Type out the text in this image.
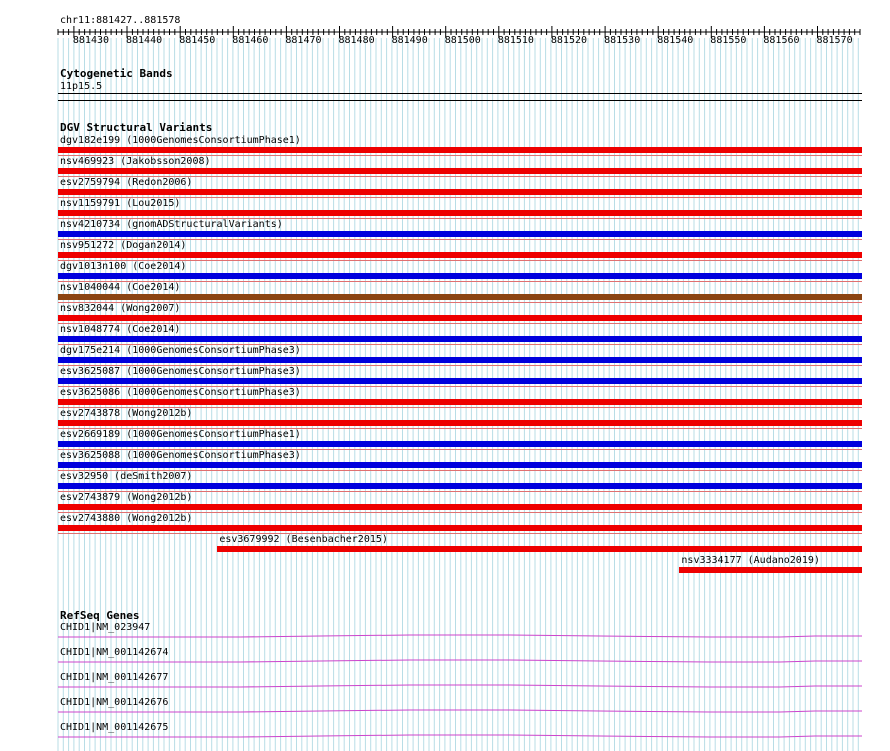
chr11:881427..881578
881430 881440 881450 881460 881470 881480 881490 881500 881510 881520 881530 881540 881550 881560 881570
Cytogenetic Bands
11p15.5
DGV Structural Variants
dgv182e199 (1000GenomesConsortiumPhase1)
nsv469923 (Jakobsson2008)
esv2759794 (Redon2006)
nsv1159791 (Lou2015)
nsv4210734 (gnomADStructuralVariants)
nsv951272 (Dogan2014)
dgv1013n100 (Coe2014)
nsv1040044 (Coe2014)
nsv832044 (Wong2007)
nsv1048774 (Coe2014)
dgv175e214 (1000GenomesConsortiumPhase3)
esv3625087 (1000GenomesConsortiumPhase3)
esv3625086 (1000GenomesConsortiumPhase3)
esv2743878 (Wong2012b)
esv2669189 (1000GenomesConsortiumPhase1)
esv3625088 (1000GenomesConsortiumPhase3)
esv32950 (deSmith2007)
esv2743879 (Wong2012b)
esv2743880 (Wong2012b)
esv3679992 (Besenbacher2015)
nsv3334177 (Audano2019)
RefSeq Genes
CHID1|NM_023947
CHID1|NM_001142674
CHID1|NM_001142677
CHID1|NM_001142676
CHID1|NM_001142675
